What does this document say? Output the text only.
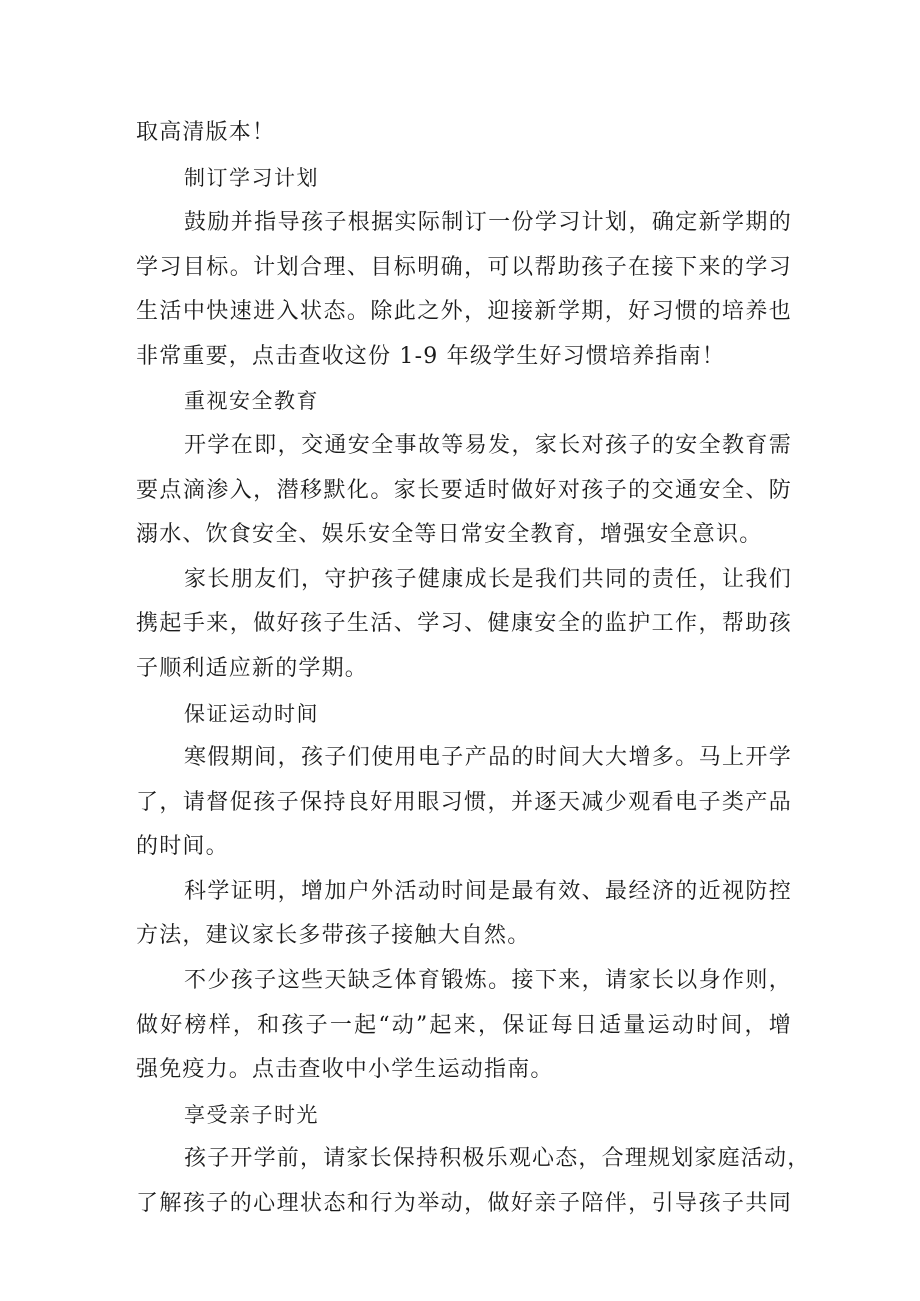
取高清版本！
制订学习计划
鼓励并指导孩子根据实际制订一份学习计划，确定新学期的
学习目标。计划合理、目标明确，可以帮助孩子在接下来的学习
生活中快速进入状态。除此之外，迎接新学期，好习惯的培养也
非常重要，点击查收这份 1-9 年级学生好习惯培养指南！
重视安全教育
开学在即，交通安全事故等易发，家长对孩子的安全教育需
要点滴渗入，潜移默化。家长要适时做好对孩子的交通安全、防
溺水、饮食安全、娱乐安全等日常安全教育，增强安全意识。
家长朋友们，守护孩子健康成长是我们共同的责任，让我们
携起手来，做好孩子生活、学习、健康安全的监护工作，帮助孩
子顺利适应新的学期。
保证运动时间
寒假期间，孩子们使用电子产品的时间大大增多。马上开学
了，请督促孩子保持良好用眼习惯，并逐天减少观看电子类产品
的时间。
科学证明，增加户外活动时间是最有效、最经济的近视防控
方法，建议家长多带孩子接触大自然。
不少孩子这些天缺乏体育锻炼。接下来，请家长以身作则，
做好榜样，和孩子一起“动”起来，保证每日适量运动时间，增
强免疫力。点击查收中小学生运动指南。
享受亲子时光
孩子开学前，请家长保持积极乐观心态，合理规划家庭活动，
了解孩子的心理状态和行为举动，做好亲子陪伴，引导孩子共同
